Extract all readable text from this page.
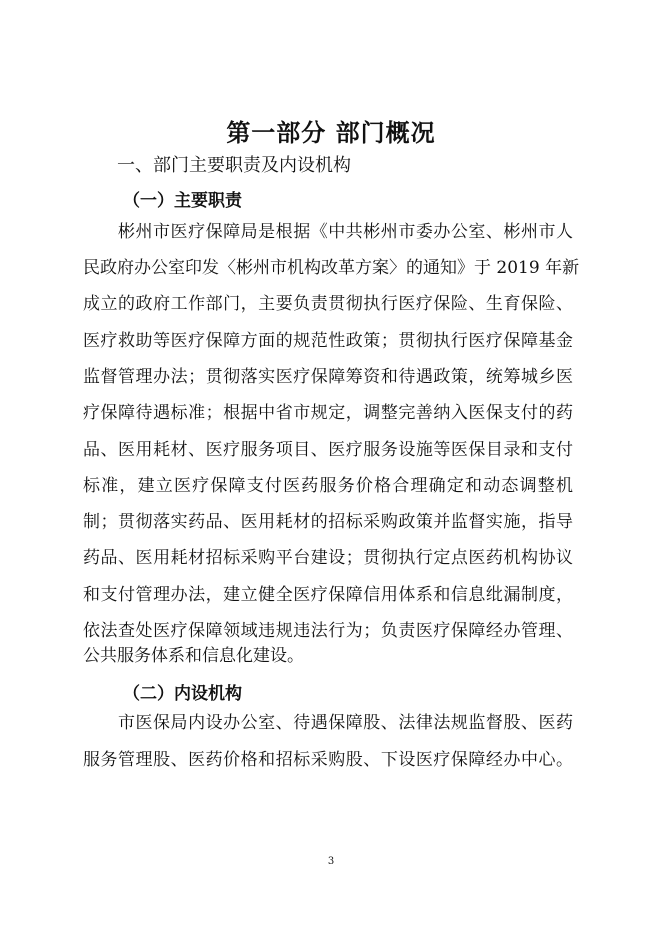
第一部分 部门概况
一、部门主要职责及内设机构
（一）主要职责
彬州市医疗保障局是根据《中共彬州市委办公室、彬州市人
民政府办公室印发〈彬州市机构改革方案〉的通知》于 2019 年新
成立的政府工作部门，主要负责贯彻执行医疗保险、生育保险、
医疗救助等医疗保障方面的规范性政策；贯彻执行医疗保障基金
监督管理办法；贯彻落实医疗保障筹资和待遇政策，统筹城乡医
疗保障待遇标准；根据中省市规定，调整完善纳入医保支付的药
品、医用耗材、医疗服务项目、医疗服务设施等医保目录和支付
标准，建立医疗保障支付医药服务价格合理确定和动态调整机
制；贯彻落实药品、医用耗材的招标采购政策并监督实施，指导
药品、医用耗材招标采购平台建设；贯彻执行定点医药机构协议
和支付管理办法，建立健全医疗保障信用体系和信息纰漏制度，
依法查处医疗保障领域违规违法行为；负责医疗保障经办管理、
公共服务体系和信息化建设。
（二）内设机构
市医保局内设办公室、待遇保障股、法律法规监督股、医药
服务管理股、医药价格和招标采购股、下设医疗保障经办中心。
3
